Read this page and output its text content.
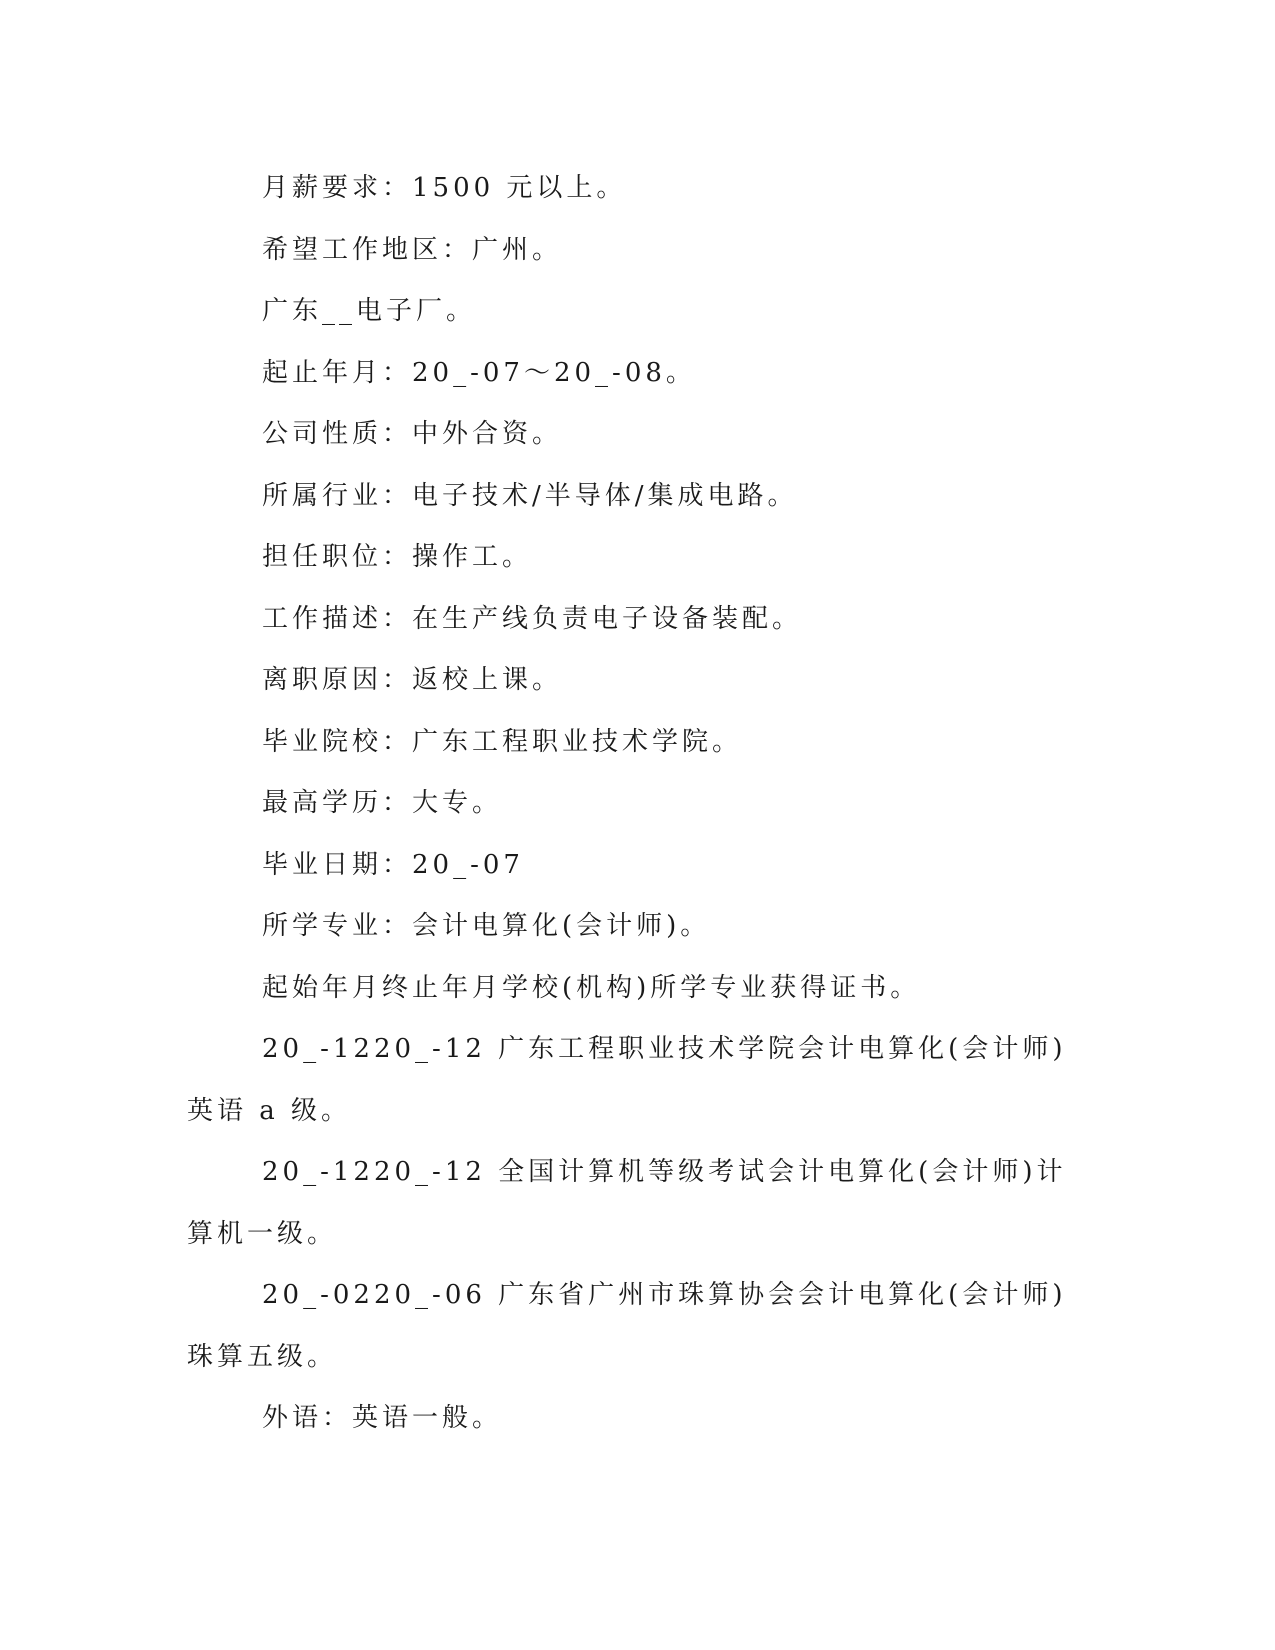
月薪要求：1500 元以上。

希望工作地区：广州。

广东__电子厂。

起止年月：20_-07～20_-08。

公司性质：中外合资。

所属行业：电子技术/半导体/集成电路。

担任职位：操作工。

工作描述：在生产线负责电子设备装配。

离职原因：返校上课。

毕业院校：广东工程职业技术学院。

最高学历：大专。

毕业日期：20_-07

所学专业：会计电算化(会计师)。

起始年月终止年月学校(机构)所学专业获得证书。

20_-1220_-12 广东工程职业技术学院会计电算化(会计师)英语 a 级。

20_-1220_-12 全国计算机等级考试会计电算化(会计师)计算机一级。

20_-0220_-06 广东省广州市珠算协会会计电算化(会计师)珠算五级。

外语：英语一般。
